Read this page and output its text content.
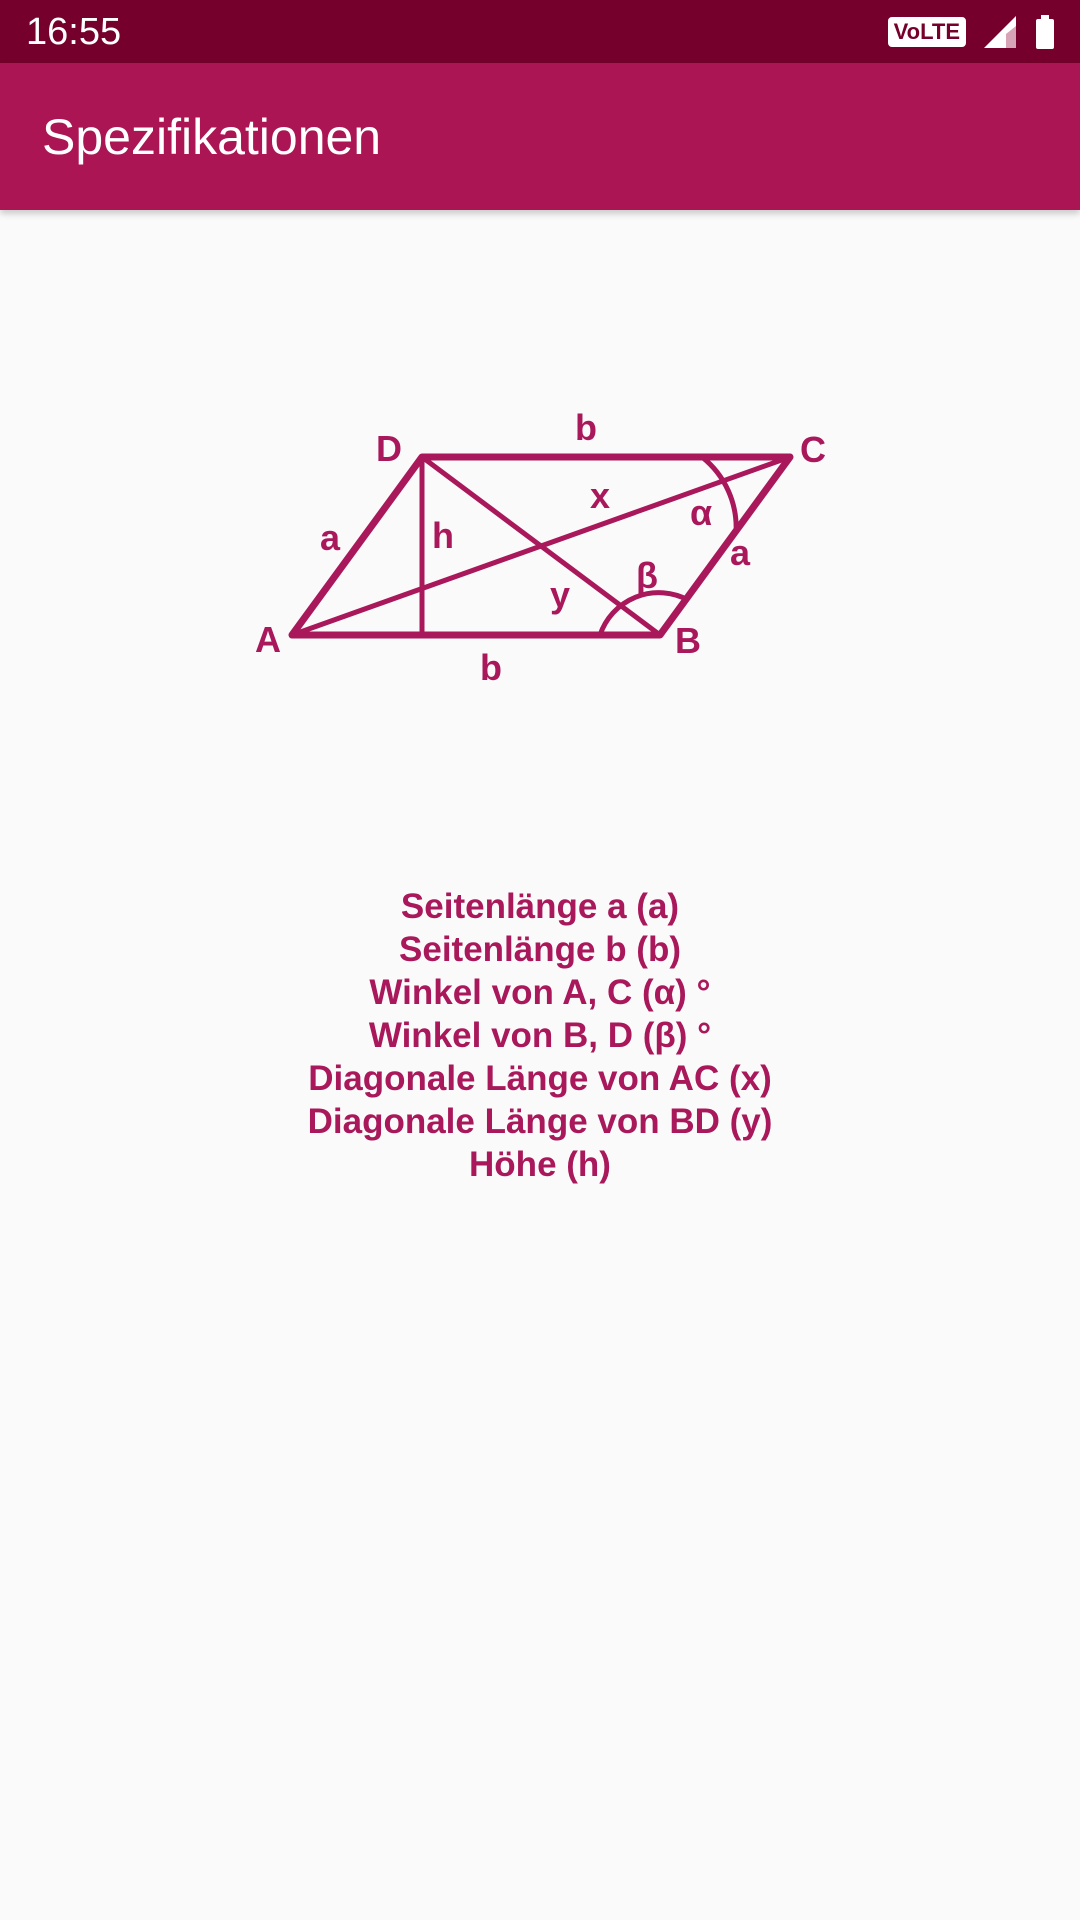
16:55	VoLTE
Spezifikationen
A	B
C
D
b
b
a	a
h
x
y
α
β
Seitenlänge a (a)
Seitenlänge b (b)
Winkel von A, C (α) °
Winkel von B, D (β) °
Diagonale Länge von AC (x)
Diagonale Länge von BD (y)
Höhe (h)
